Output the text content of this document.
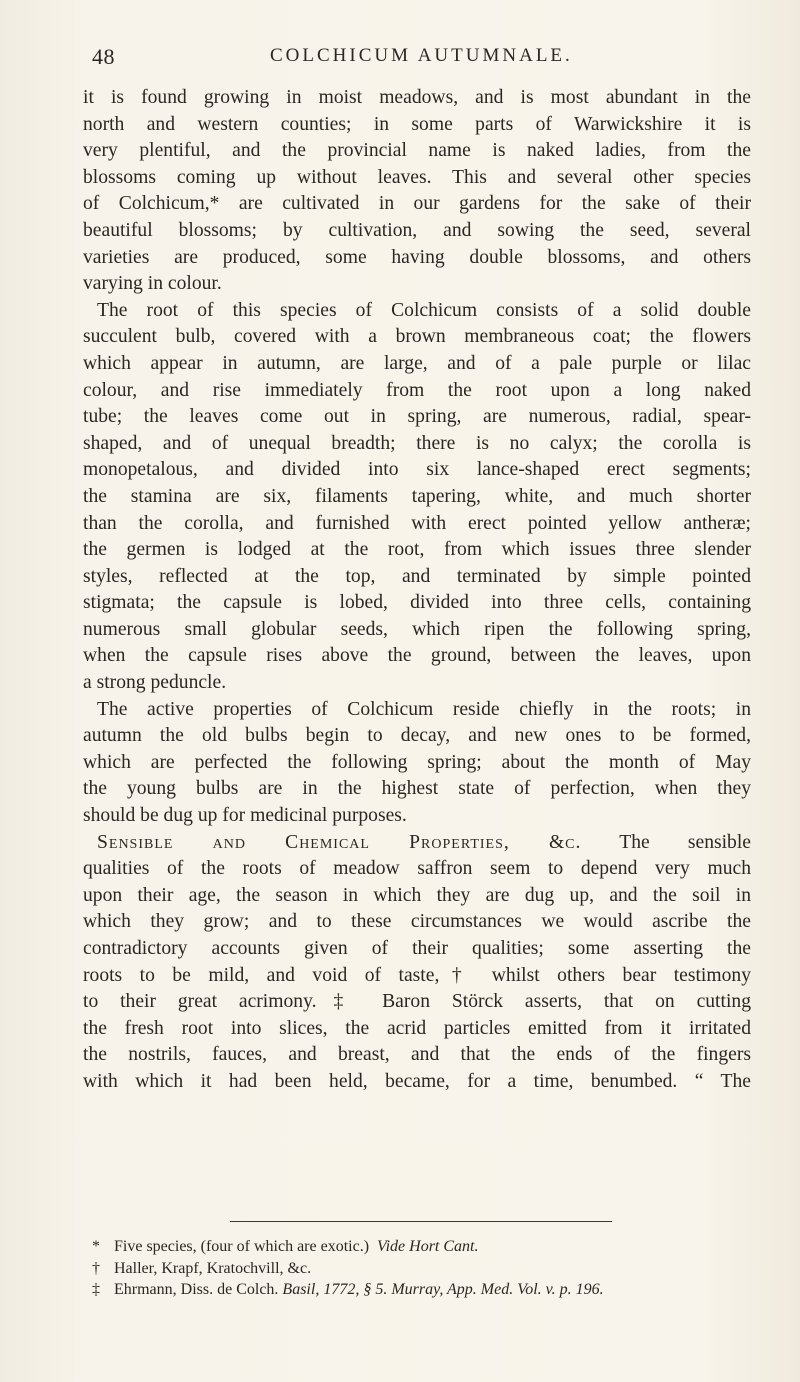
48	COLCHICUM AUTUMNALE.
it is found growing in moist meadows, and is most abundant in the
north and western counties; in some parts of Warwickshire it is
very plentiful, and the provincial name is naked ladies, from the
blossoms coming up without leaves. This and several other species
of Colchicum,* are cultivated in our gardens for the sake of their
beautiful blossoms; by cultivation, and sowing the seed, several
varieties are produced, some having double blossoms, and others
varying in colour.
The root of this species of Colchicum consists of a solid double
succulent bulb, covered with a brown membraneous coat; the flowers
which appear in autumn, are large, and of a pale purple or lilac
colour, and rise immediately from the root upon a long naked
tube; the leaves come out in spring, are numerous, radial, spear-
shaped, and of unequal breadth; there is no calyx; the corolla is
monopetalous, and divided into six lance-shaped erect segments;
the stamina are six, filaments tapering, white, and much shorter
than the corolla, and furnished with erect pointed yellow antheræ;
the germen is lodged at the root, from which issues three slender
styles, reflected at the top, and terminated by simple pointed
stigmata; the capsule is lobed, divided into three cells, containing
numerous small globular seeds, which ripen the following spring,
when the capsule rises above the ground, between the leaves, upon
a strong peduncle.
The active properties of Colchicum reside chiefly in the roots; in
autumn the old bulbs begin to decay, and new ones to be formed,
which are perfected the following spring; about the month of May
the young bulbs are in the highest state of perfection, when they
should be dug up for medicinal purposes.
Sensible and Chemical Properties, &c. The sensible
qualities of the roots of meadow saffron seem to depend very much
upon their age, the season in which they are dug up, and the soil in
which they grow; and to these circumstances we would ascribe the
contradictory accounts given of their qualities; some asserting the
roots to be mild, and void of taste,† whilst others bear testimony
to their great acrimony.‡ Baron Störck asserts, that on cutting
the fresh root into slices, the acrid particles emitted from it irritated
the nostrils, fauces, and breast, and that the ends of the fingers
with which it had been held, became, for a time, benumbed. “ The
* Five species, (four of which are exotic.) Vide Hort Cant.
† Haller, Krapf, Kratochvill, &c.
‡ Ehrmann, Diss. de Colch. Basil, 1772, § 5. Murray, App. Med. Vol. v. p. 196.
